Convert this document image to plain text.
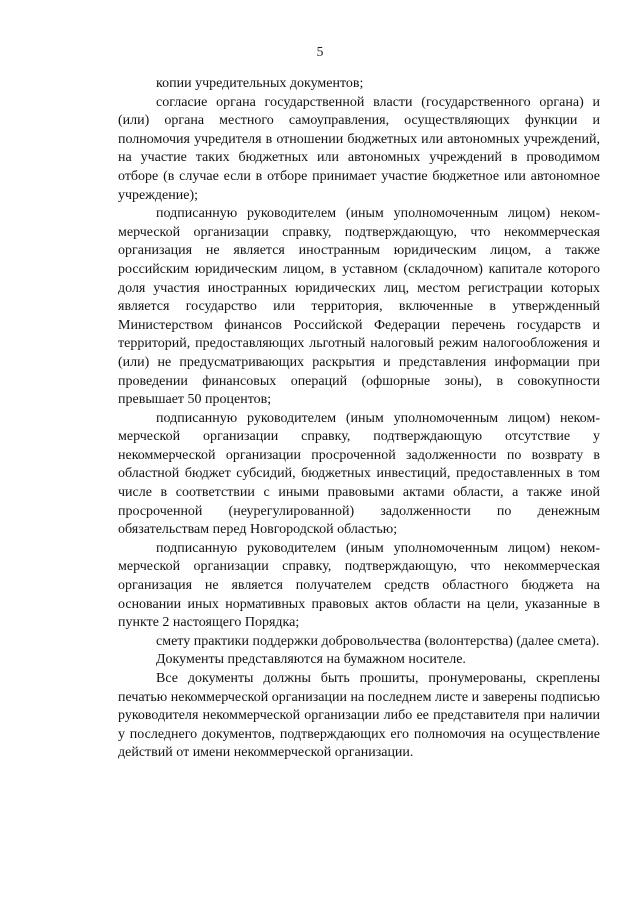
5

копии учредительных документов;

согласие органа государственной власти (государственного органа) и (или) органа местного самоуправления, осуществляющих функции и полномочия учредителя в отношении бюджетных или автономных учреждений, на участие таких бюджетных или автономных учреждений в проводимом отборе (в случае если в отборе принимает участие бюджетное или автономное учреждение);

подписанную руководителем (иным уполномоченным лицом) неком-мерческой организации справку, подтверждающую, что некоммерческая организация не является иностранным юридическим лицом, а также российским юридическим лицом, в уставном (складочном) капитале которого доля участия иностранных юридических лиц, местом регистрации которых является государство или территория, включенные в утвержденный Министерством финансов Российской Федерации перечень государств и территорий, предоставляющих льготный налоговый режим налогообложения и (или) не предусматривающих раскрытия и представления информации при проведении финансовых операций (офшорные зоны), в совокупности превышает 50 процентов;

подписанную руководителем (иным уполномоченным лицом) неком-мерческой организации справку, подтверждающую отсутствие у некоммерческой организации просроченной задолженности по возврату в областной бюджет субсидий, бюджетных инвестиций, предоставленных в том числе в соответствии с иными правовыми актами области, а также иной просроченной (неурегулированной) задолженности по денежным обязательствам перед Новгородской областью;

подписанную руководителем (иным уполномоченным лицом) неком-мерческой организации справку, подтверждающую, что некоммерческая организация не является получателем средств областного бюджета на основании иных нормативных правовых актов области на цели, указанные в пункте 2 настоящего Порядка;

смету практики поддержки добровольчества (волонтерства) (далее смета).

Документы представляются на бумажном носителе.

Все документы должны быть прошиты, пронумерованы, скреплены печатью некоммерческой организации на последнем листе и заверены подписью руководителя некоммерческой организации либо ее представителя при наличии у последнего документов, подтверждающих его полномочия на осуществление действий от имени некоммерческой организации.
